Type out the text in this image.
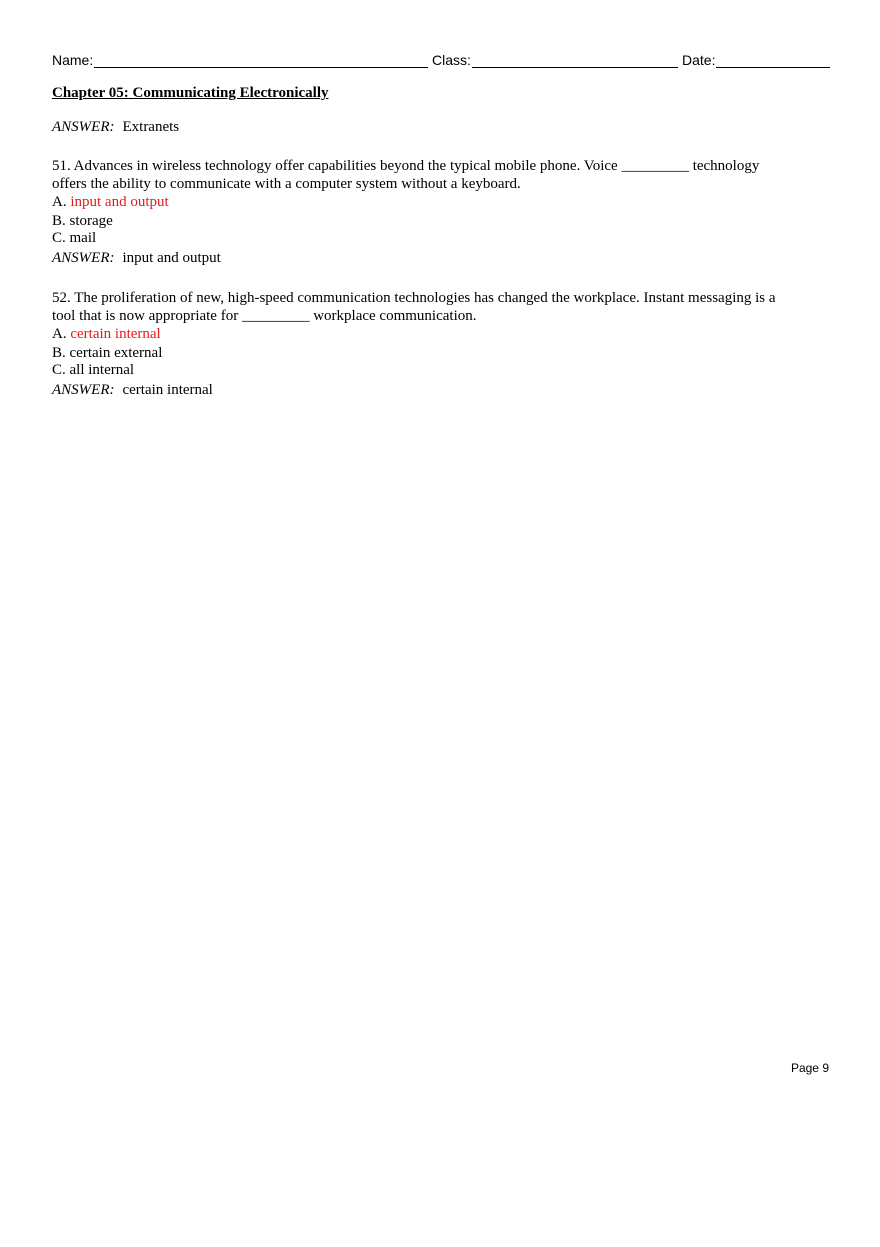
Name:	Class:	Date:
Chapter 05: Communicating Electronically
ANSWER: Extranets
51. Advances in wireless technology offer capabilities beyond the typical mobile phone. Voice _________ technology
offers the ability to communicate with a computer system without a keyboard.
A. input and output
B. storage
C. mail
ANSWER: input and output
52. The proliferation of new, high-speed communication technologies has changed the workplace. Instant messaging is a
tool that is now appropriate for _________ workplace communication.
A. certain internal
B. certain external
C. all internal
ANSWER: certain internal
Page 9
